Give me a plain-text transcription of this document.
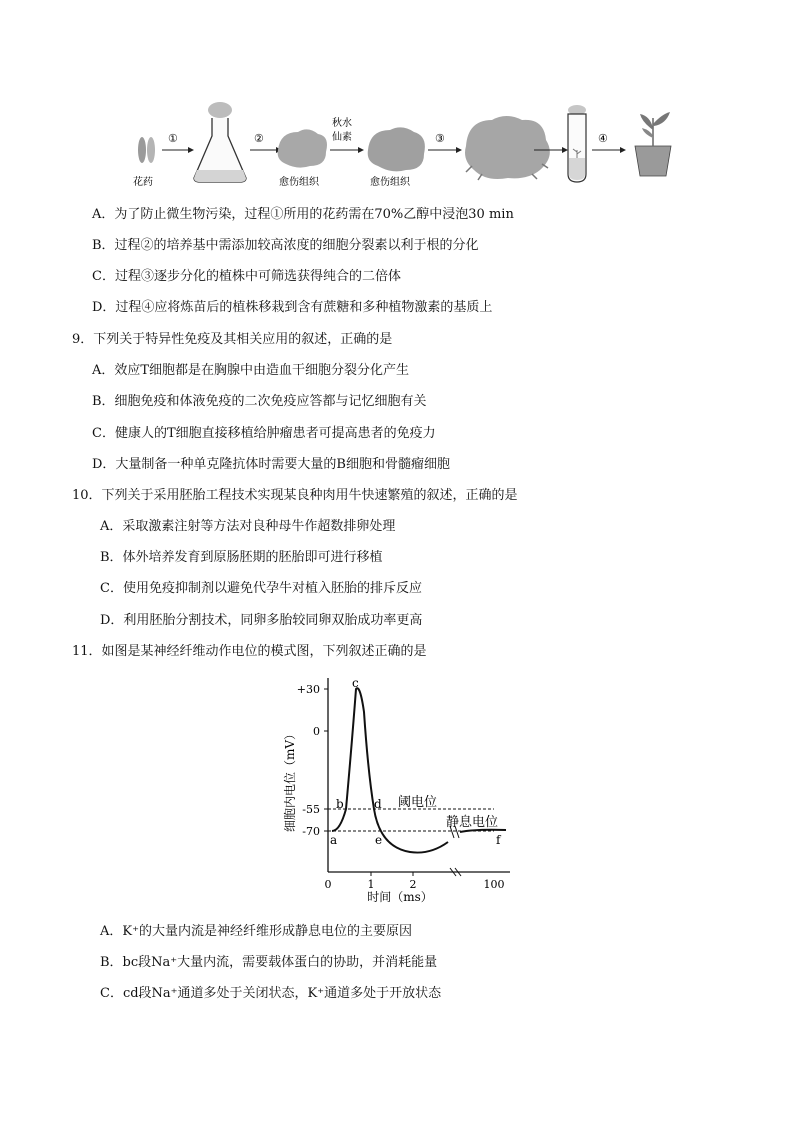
花药
①	②
愈伤组织
秋水
仙素
愈伤组织
③	④
A．为了防止微生物污染，过程①所用的花药需在70%乙醇中浸泡30 min
B．过程②的培养基中需添加较高浓度的细胞分裂素以利于根的分化
C．过程③逐步分化的植株中可筛选获得纯合的二倍体
D．过程④应将炼苗后的植株移栽到含有蔗糖和多种植物激素的基质上
9．下列关于特异性免疫及其相关应用的叙述，正确的是
A．效应T细胞都是在胸腺中由造血干细胞分裂分化产生
B．细胞免疫和体液免疫的二次免疫应答都与记忆细胞有关
C．健康人的T细胞直接移植给肿瘤患者可提高患者的免疫力
D．大量制备一种单克隆抗体时需要大量的B细胞和骨髓瘤细胞
10．下列关于采用胚胎工程技术实现某良种肉用牛快速繁殖的叙述，正确的是
A．采取激素注射等方法对良种母牛作超数排卵处理
B．体外培养发育到原肠胚期的胚胎即可进行移植
C．使用免疫抑制剂以避免代孕牛对植入胚胎的排斥反应
D．利用胚胎分割技术，同卵多胎较同卵双胎成功率更高
11．如图是某神经纤维动作电位的模式图，下列叙述正确的是
+30
0
-55
-70
0	1	2	100
a
b
c
d
e	f
阈电位
静息电位
细胞内电位（mV）
时间（ms）
A．K⁺的大量内流是神经纤维形成静息电位的主要原因
B．bc段Na⁺大量内流，需要载体蛋白的协助，并消耗能量
C．cd段Na⁺通道多处于关闭状态，K⁺通道多处于开放状态
